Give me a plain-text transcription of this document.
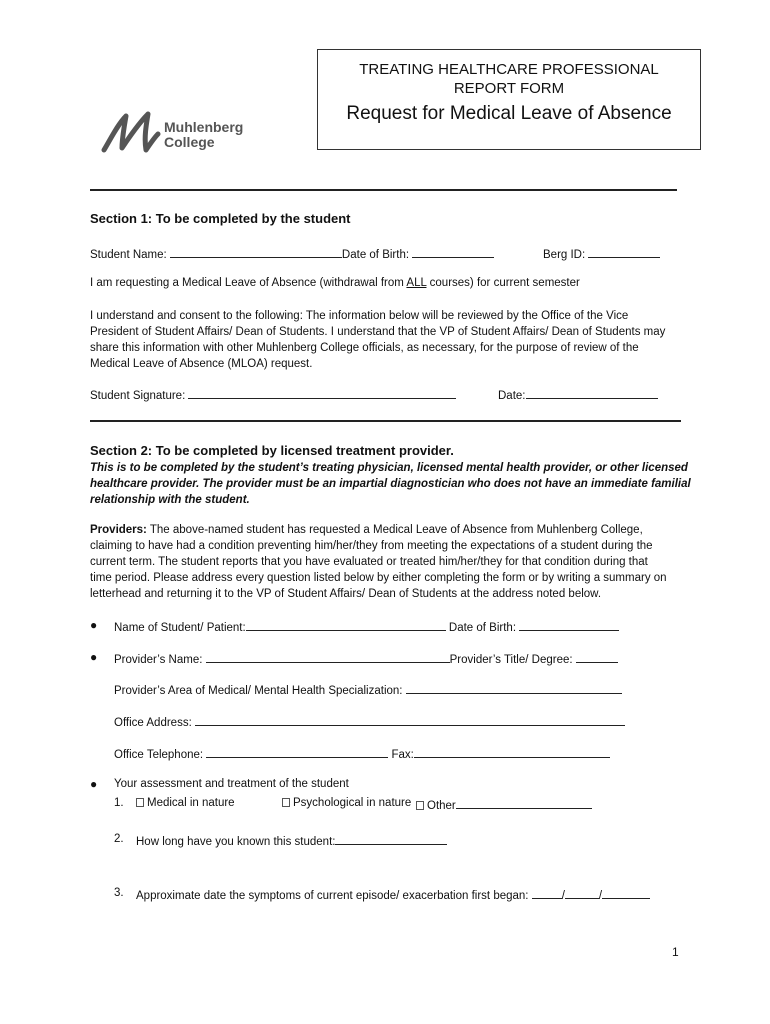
TREATING HEALTHCARE PROFESSIONAL
REPORT FORM
Request for Medical Leave of Absence
Muhlenberg
College
Section 1: To be completed by the student
Student Name:	Date of Birth:	Berg ID:
I am requesting a Medical Leave of Absence (withdrawal from ALL courses) for current semester
I understand and consent to the following: The information below will be reviewed by the Office of the Vice
President of Student Affairs/ Dean of Students. I understand that the VP of Student Affairs/ Dean of Students may
share this information with other Muhlenberg College officials, as necessary, for the purpose of review of the
Medical Leave of Absence (MLOA) request.
Student Signature:	Date:
Section 2: To be completed by licensed treatment provider.
This is to be completed by the student’s treating physician, licensed mental health provider, or other licensed
healthcare provider. The provider must be an impartial diagnostician who does not have an immediate familial
relationship with the student.
Providers: The above-named student has requested a Medical Leave of Absence from Muhlenberg College,
claiming to have had a condition preventing him/her/they from meeting the expectations of a student during the
current term. The student reports that you have evaluated or treated him/her/they for that condition during that
time period. Please address every question listed below by either completing the form or by writing a summary on
letterhead and returning it to the VP of Student Affairs/ Dean of Students at the address noted below.
● Name of Student/ Patient:	Date of Birth:
● Provider’s Name:	Provider’s Title/ Degree:
Provider’s Area of Medical/ Mental Health Specialization:
Office Address:
Office Telephone:	Fax:
● Your assessment and treatment of the student
1.	Medical in nature	Psychological in nature	Other
2. How long have you known this student:
3. Approximate date the symptoms of current episode/ exacerbation first began:	/	/
1
